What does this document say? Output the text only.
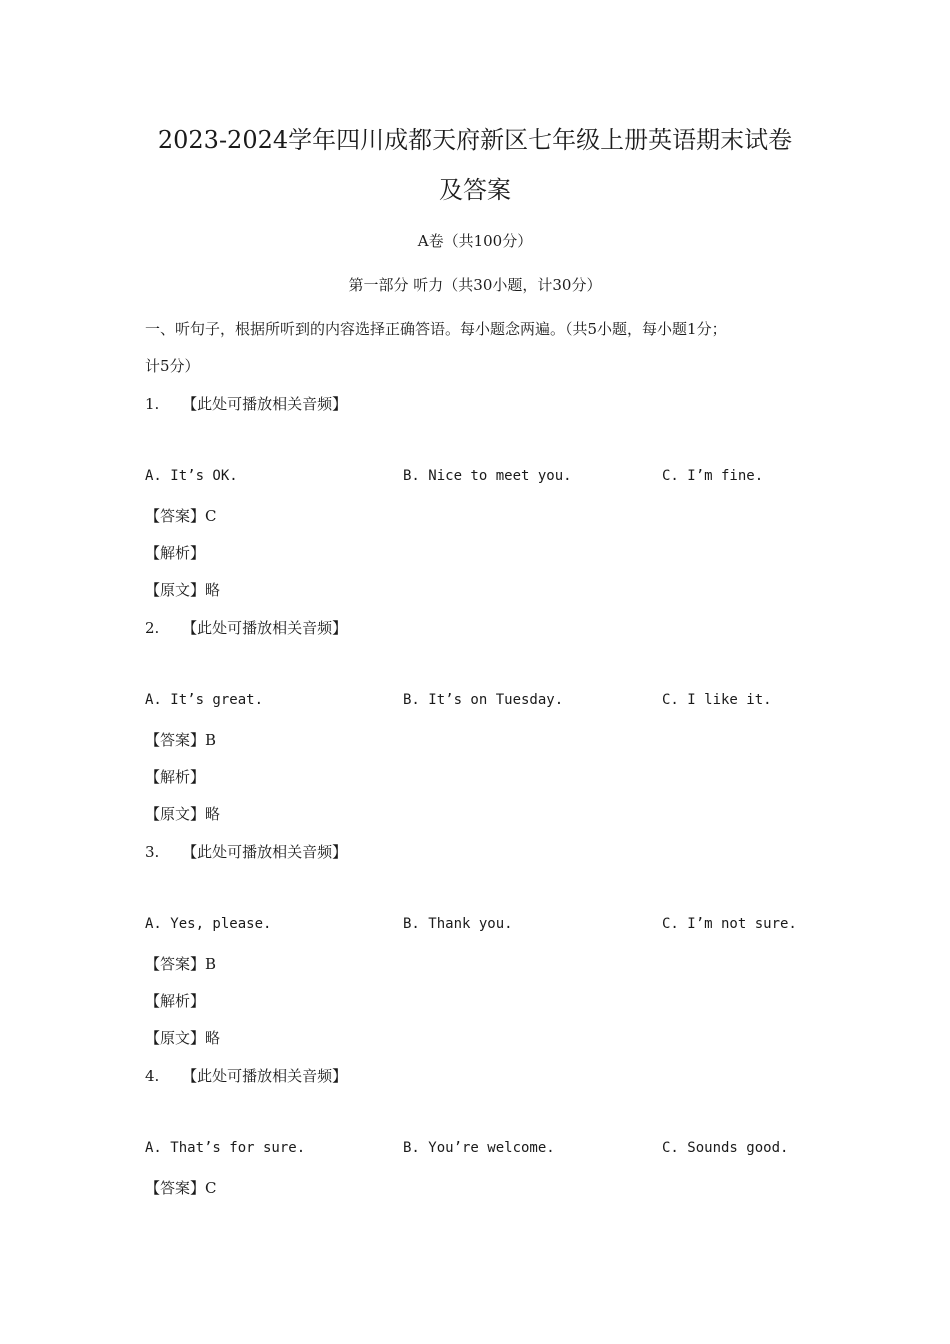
2023-2024学年四川成都天府新区七年级上册英语期末试卷
及答案
A卷（共100分）
第一部分 听力（共30小题，计30分）
一、听句子，根据所听到的内容选择正确答语。每小题念两遍。（共5小题，每小题1分；
计5分）
1. 【此处可播放相关音频】
A. It’s OK.	B. Nice to meet you.	C. I’m fine.
【答案】C
【解析】
【原文】略
2. 【此处可播放相关音频】
A. It’s great.	B. It’s on Tuesday.	C. I like it.
【答案】B
【解析】
【原文】略
3. 【此处可播放相关音频】
A. Yes, please.	B. Thank you.	C. I’m not sure.
【答案】B
【解析】
【原文】略
4. 【此处可播放相关音频】
A. That’s for sure.	B. You’re welcome.	C. Sounds good.
【答案】C
